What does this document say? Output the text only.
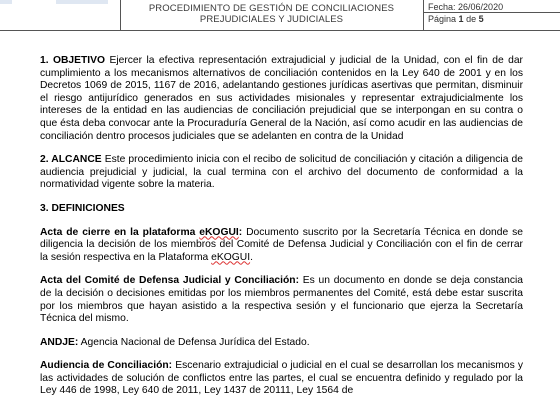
PROCEDIMIENTO DE GESTIÓN DE CONCILIACIONES
PREJUDICIALES Y JUDICIALES
Fecha: 26/06/2020
Página 1 de 5

1. OBJETIVO Ejercer la efectiva representación extrajudicial y judicial de la Unidad, con el fin de dar cumplimiento a los mecanismos alternativos de conciliación contenidos en la Ley 640 de 2001 y en los Decretos 1069 de 2015, 1167 de 2016, adelantando gestiones jurídicas asertivas que permitan, disminuir el riesgo antijurídico generados en sus actividades misionales y representar extrajudicialmente los intereses de la entidad en las audiencias de conciliación prejudicial que se interpongan en su contra o que ésta deba convocar ante la Procuraduría General de la Nación, así como acudir en las audiencias de conciliación dentro procesos judiciales que se adelanten en contra de la Unidad

2. ALCANCE Este procedimiento inicia con el recibo de solicitud de conciliación y citación a diligencia de audiencia prejudicial y judicial, la cual termina con el archivo del documento de conformidad a la normatividad vigente sobre la materia.

3. DEFINICIONES

Acta de cierre en la plataforma eKOGUI: Documento suscrito por la Secretaría Técnica en donde se diligencia la decisión de los miembros del Comité de Defensa Judicial y Conciliación con el fin de cerrar la sesión respectiva en la Plataforma eKOGUI.

Acta del Comité de Defensa Judicial y Conciliación: Es un documento en donde se deja constancia de la decisión o decisiones emitidas por los miembros permanentes del Comité, está debe estar suscrita por los miembros que hayan asistido a la respectiva sesión y el funcionario que ejerza la Secretaría Técnica del mismo.

ANDJE: Agencia Nacional de Defensa Jurídica del Estado.

Audiencia de Conciliación: Escenario extrajudicial o judicial en el cual se desarrollan los mecanismos y las actividades de solución de conflictos entre las partes, el cual se encuentra definido y regulado por la Ley 446 de 1998, Ley 640 de 2011, Ley 1437 de 20111, Ley 1564 de
